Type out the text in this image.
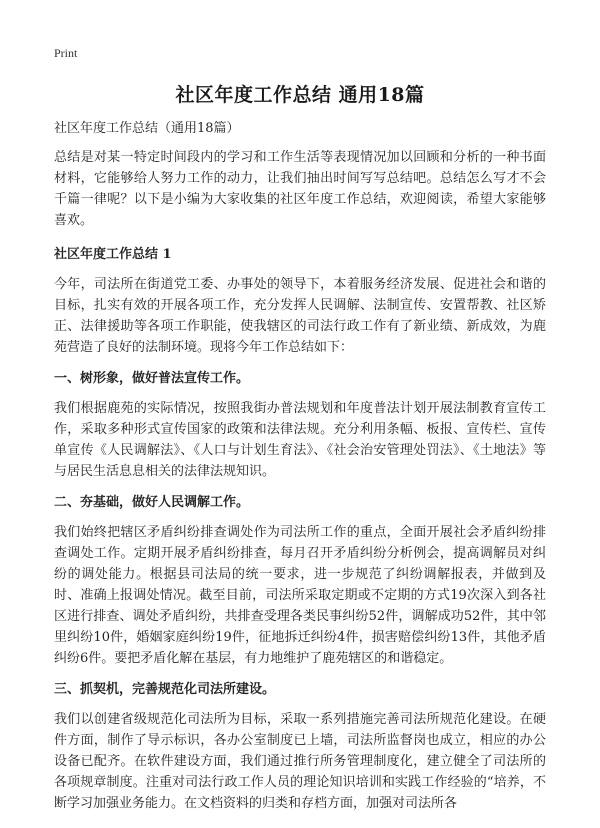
Print
社区年度工作总结 通用18篇

社区年度工作总结（通用18篇）

总结是对某一特定时间段内的学习和工作生活等表现情况加以回顾和分析的一种书面材料，它能够给人努力工作的动力，让我们抽出时间写写总结吧。总结怎么写才不会千篇一律呢？以下是小编为大家收集的社区年度工作总结，欢迎阅读，希望大家能够喜欢。

社区年度工作总结 1

今年，司法所在街道党工委、办事处的领导下，本着服务经济发展、促进社会和谐的目标，扎实有效的开展各项工作，充分发挥人民调解、法制宣传、安置帮教、社区矫正、法律援助等各项工作职能，使我辖区的司法行政工作有了新业绩、新成效，为鹿苑营造了良好的法制环境。现将今年工作总结如下：

一、树形象，做好普法宣传工作。

我们根据鹿苑的实际情况，按照我街办普法规划和年度普法计划开展法制教育宣传工作，采取多种形式宣传国家的政策和法律法规。充分利用条幅、板报、宣传栏、宣传单宣传《人民调解法》、《人口与计划生育法》、《社会治安管理处罚法》、《土地法》等与居民生活息息相关的法律法规知识。

二、夯基础，做好人民调解工作。

我们始终把辖区矛盾纠纷排查调处作为司法所工作的重点，全面开展社会矛盾纠纷排查调处工作。定期开展矛盾纠纷排查，每月召开矛盾纠纷分析例会，提高调解员对纠纷的调处能力。根据县司法局的统一要求，进一步规范了纠纷调解报表，并做到及时、准确上报调处情况。截至目前，司法所采取定期或不定期的方式19次深入到各社区进行排查、调处矛盾纠纷，共排查受理各类民事纠纷52件，调解成功52件，其中邻里纠纷10件，婚姻家庭纠纷19件，征地拆迁纠纷4件，损害赔偿纠纷13件，其他矛盾纠纷6件。要把矛盾化解在基层，有力地维护了鹿苑辖区的和谐稳定。

三、抓契机，完善规范化司法所建设。

我们以创建省级规范化司法所为目标，采取一系列措施完善司法所规范化建设。在硬件方面，制作了导示标识，各办公室制度已上墙，司法所监督岗也成立，相应的办公设备已配齐。在软件建设方面，我们通过推行所务管理制度化，建立健全了司法所的各项规章制度。注重对司法行政工作人员的理论知识培训和实践工作经验的“培养，不断学习加强业务能力。在文档资料的归类和存档方面，加强对司法所各
